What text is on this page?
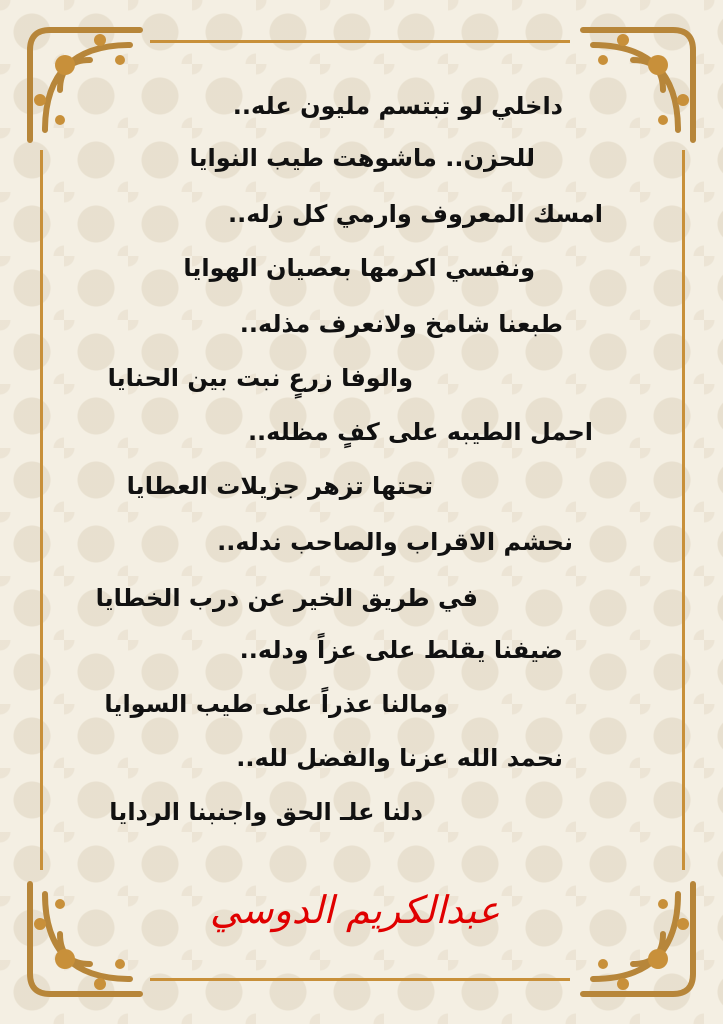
داخلي لو تبتسم مليون عله..
للحزن.. ماشوهت طيب النوايا
امسك المعروف وارمي كل زله..
ونفسي اكرمها بعصيان الهوايا
طبعنا شامخ ولانعرف مذله..
والوفا زرعٍ نبت بين الحنايا
احمل الطيبه على كفٍ مظله..
تحتها تزهر جزيلات العطايا
نحشم الاقراب والصاحب ندله..
في طريق الخير عن درب الخطايا
ضيفنا يقلط على عزاً ودله..
ومالنا عذراً على طيب السوايا
نحمد الله عزنا والفضل لله..
دلنا علـ الحق واجنبنا الردايا
عبدالكريم الدوسي
